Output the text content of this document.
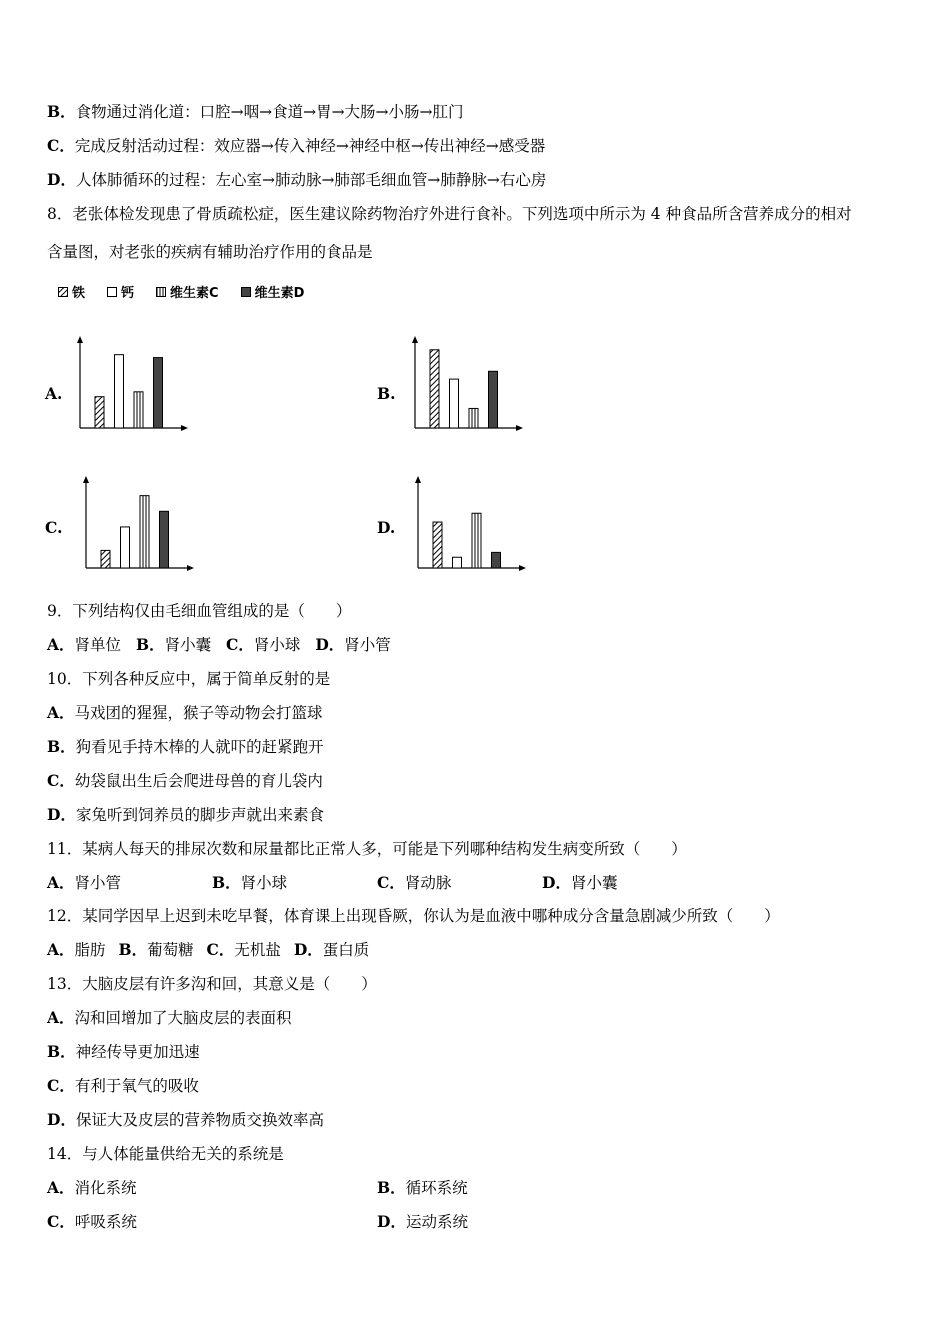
B．食物通过消化道：口腔→咽→食道→胃→大肠→小肠→肛门
C．完成反射活动过程：效应器→传入神经→神经中枢→传出神经→感受器
D．人体肺循环的过程：左心室→肺动脉→肺部毛细血管→肺静脉→右心房
8．老张体检发现患了骨质疏松症，医生建议除药物治疗外进行食补。下列选项中所示为 4 种食品所含营养成分的相对
含量图，对老张的疾病有辅助治疗作用的食品是
铁	钙	维生素C	维生素D
A.	B.
C.	D.
9．下列结构仅由毛细血管组成的是（　　）
A．肾单位 B．肾小囊 C．肾小球 D．肾小管
10．下列各种反应中，属于简单反射的是
A．马戏团的猩猩，猴子等动物会打篮球
B．狗看见手持木棒的人就吓的赶紧跑开
C．幼袋鼠出生后会爬进母兽的育儿袋内
D．家兔听到饲养员的脚步声就出来素食
11．某病人每天的排尿次数和尿量都比正常人多，可能是下列哪种结构发生病变所致（　　）
A．肾小管	B．肾小球	C．肾动脉	D．肾小囊
12．某同学因早上迟到未吃早餐，体育课上出现昏厥，你认为是血液中哪种成分含量急剧减少所致（　　）
A．脂肪 B．葡萄糖 C．无机盐 D．蛋白质
13．大脑皮层有许多沟和回，其意义是（　　）
A．沟和回增加了大脑皮层的表面积
B．神经传导更加迅速
C．有利于氧气的吸收
D．保证大及皮层的营养物质交换效率高
14．与人体能量供给无关的系统是
A．消化系统	B．循环系统
C．呼吸系统	D．运动系统
